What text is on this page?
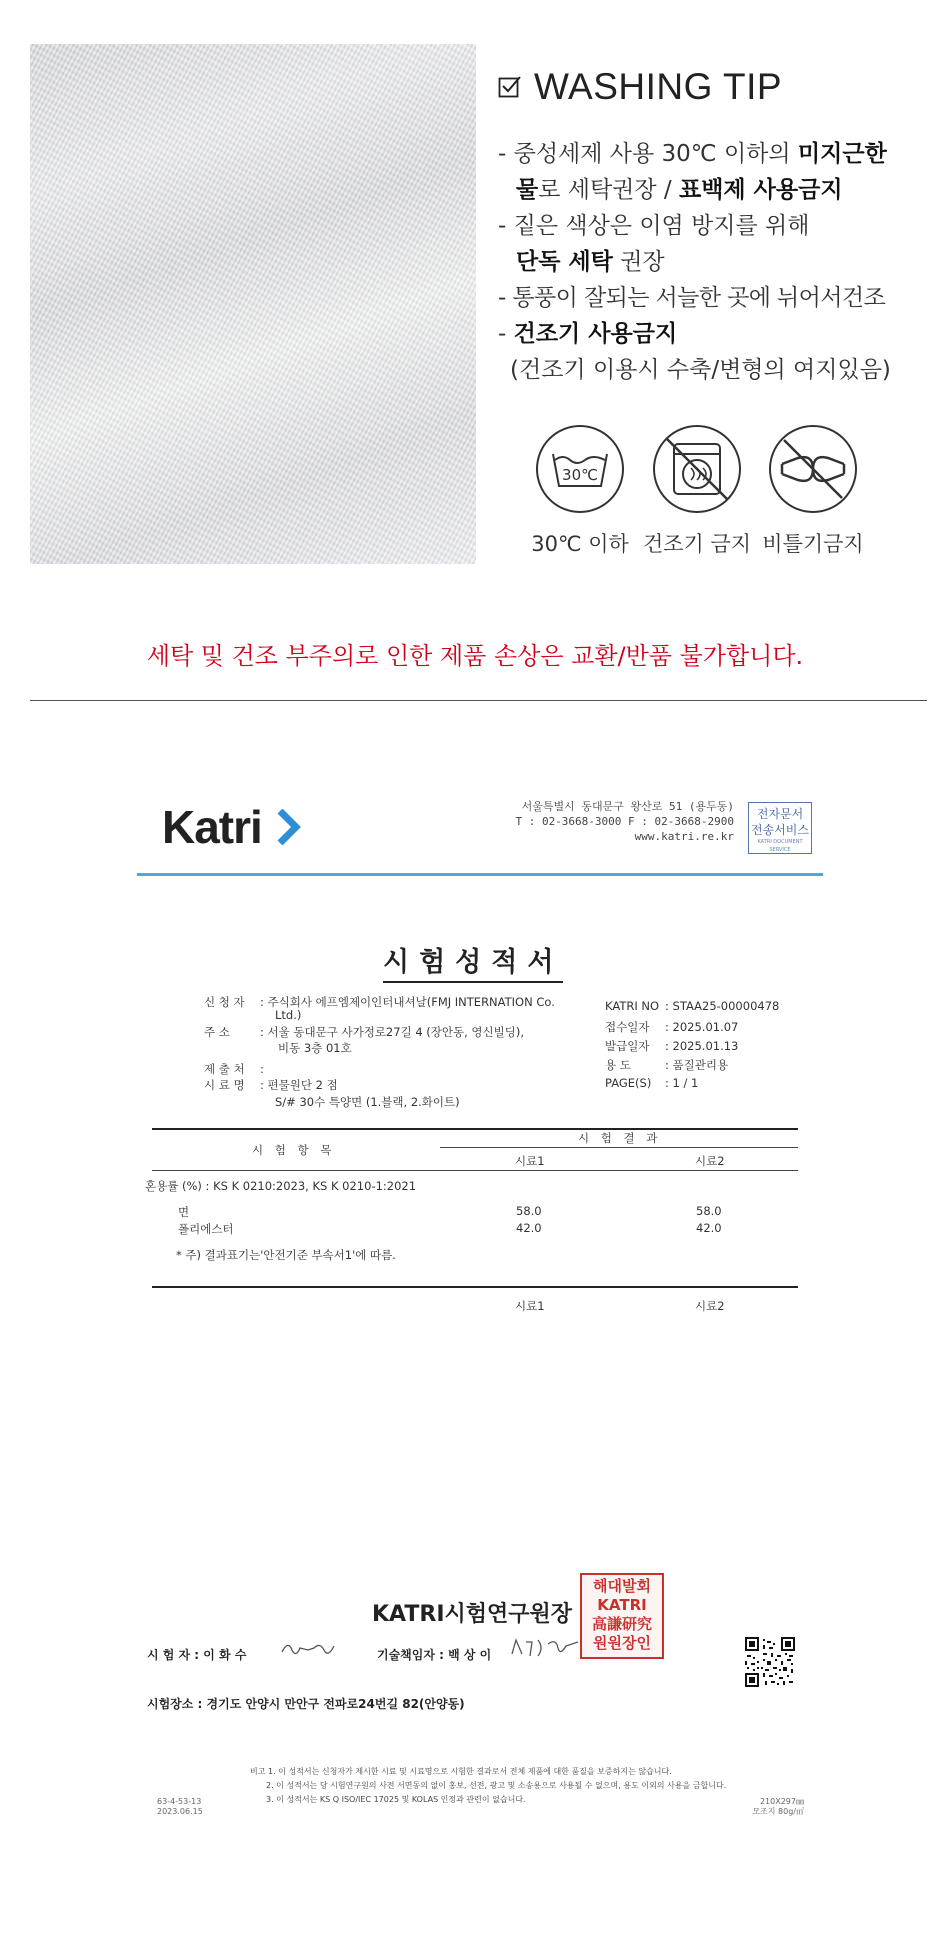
WASHING TIP
- 중성세제 사용 30℃ 이하의 미지근한
물로 세탁권장 / 표백제 사용금지
- 짙은 색상은 이염 방지를 위해
단독 세탁 권장
- 통풍이 잘되는 서늘한 곳에 뉘어서건조
- 건조기 사용금지
(건조기 이용시 수축/변형의 여지있음)
30℃
30℃ 이하 건조기 금지 비틀기금지
세탁 및 건조 부주의로 인한 제품 손상은 교환/반품 불가합니다.
Katri	서울특별시 동대문구 왕산로 51 (용두동)
T : 02-3668-3000 F : 02-3668-2900
www.katri.re.kr
전자문서
전송서비스
KATRI DOCUMENT SERVICE
시험성적서
신 청 자 : 주식회사 에프엠제이인터내셔날(FMJ INTERNATION Co.
Ltd.)
주 소	: 서울 동대문구 사가정로27길 4 (장안동, 영신빌딩),
비동 3층 01호
제 출 처 :
시 료 명 : 편물원단 2 점
S/# 30수 특양면 (1.블랙, 2.화이트)
KATRI NO : STAA25-00000478
접수일자 : 2025.01.07
발급일자 : 2025.01.13
용 도	: 품질관리용
PAGE(S) : 1 / 1
시 험 항 목
시 험 결 과
시료1	시료2
혼용률 (%) : KS K 0210:2023, KS K 0210-1:2021
면	58.0	58.0
폴리에스터	42.0	42.0
* 주) 결과표기는'안전기준 부속서1'에 따름.
시료1	시료2
KATRI시험연구원장
해대발회
KATRI
高謙研究
원원장인
시 험 자 : 이 화 수	기술책임자 : 백 상 이
시험장소 : 경기도 안양시 만안구 전파로24번길 82(안양동)
비고 1. 이 성적서는 신청자가 제시한 시료 및 시료명으로 시험한 결과로서 전체 제품에 대한 품질을 보증하지는 않습니다.
2. 이 성적서는 당 시험연구원의 사전 서면동의 없이 홍보, 선전, 광고 및 소송용으로 사용될 수 없으며, 용도 이외의 사용을 금합니다.
3. 이 성적서는 KS Q ISO/IEC 17025 및 KOLAS 인정과 관련이 없습니다.
63-4-53-13
2023.06.15
210X297㎜
모조지 80g/㎡
